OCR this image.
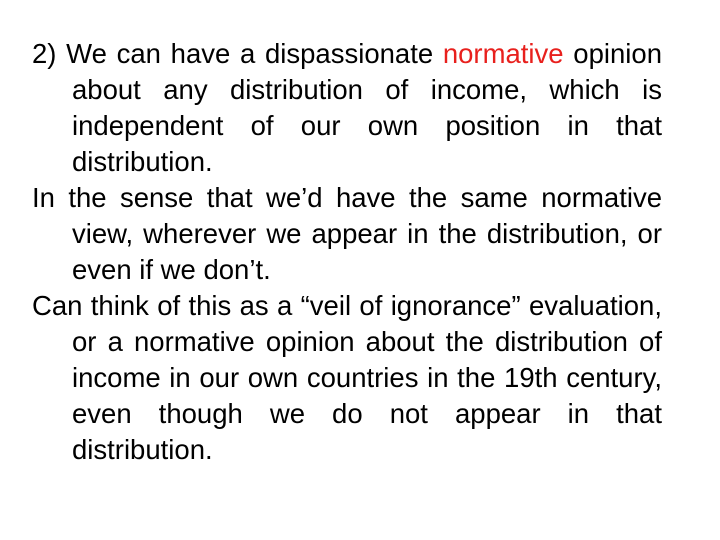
2) We can have a dispassionate normative opinion about any distribution of income, which is independent of our own position in that distribution.

In the sense that we’d have the same normative view, wherever we appear in the distribution, or even if we don’t.

Can think of this as a “veil of ignorance” evaluation, or a normative opinion about the distribution of income in our own countries in the 19th century, even though we do not appear in that distribution.
